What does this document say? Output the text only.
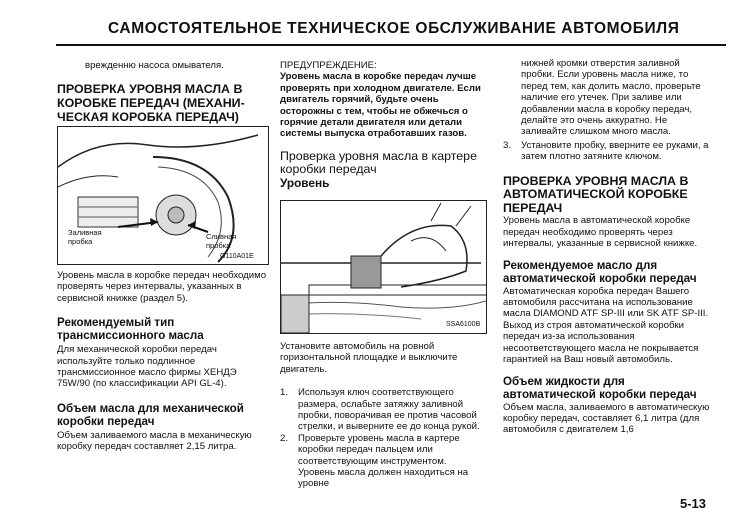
САМОСТОЯТЕЛЬНОЕ ТЕХНИЧЕСКОЕ ОБСЛУЖИВАНИЕ АВТОМОБИЛЯ

врежденню насоса омывателя.

ПРОВЕРКА УРОВНЯ МАСЛА В КОРОБКЕ ПЕРЕДАЧ (МЕХАНИ-ЧЕСКАЯ КОРОБКА ПЕРЕДАЧ)

Заливная пробка	Сливная пробка
G110A01E

Уровень масла в коробке передач необходимо проверять через интервалы, указанных в сервисной книжке (раздел 5).

Рекомендуемый тип трансмиссионного масла

Для механической коробки передач используйте только подлинное трансмиссионное масло фирмы ХЕНДЭ 75W/90 (по классификации API GL-4).

Объем масла для механической коробки передач

Объем заливаемого масла в механическую коробку передач составляет 2,15 литра.

ПРЕДУПРЕЖДЕНИЕ:

Уровень масла в коробке передач лучше проверять при холодном двигателе. Если двигатель горячий, будьте очень осторожны с тем, чтобы не обжечься о горячие детали двигателя или детали системы выпуска отработавших газов.

Проверка уровня масла в картере коробки передач

Уровень

SSA6100B

Установите автомобиль на ровной горизонтальной площадке и выключите двигатель.

1. Используя ключ соответствующего размера, ослабьте затяжку заливной пробки, поворачивая ее против часовой стрелки, и выверните ее до конца рукой.
2. Проверьте уровень масла в картере коробки передач пальцем или соответствующим инструментом. Уровень масла должен находиться на уровне

нижней кромки отверстия заливной пробки. Если уровень масла ниже, то перед тем, как долить масло, проверьте наличие его утечек. При заливе или добавлении масла в коробку передач, делайте это очень аккуратно. Не заливайте слишком много масла.

3. Установите пробку, вверните ее руками, а затем плотно затяните ключом.

ПРОВЕРКА УРОВНЯ МАСЛА В АВТОМАТИЧЕСКОЙ КОРОБКЕ ПЕРЕДАЧ

Уровень масла в автоматической коробке передач необходимо проверять через интервалы, указанные в сервисной книжке.

Рекомендуемое масло для автоматической коробки передач

Автоматическая коробка передач Вашего автомобиля рассчитана на использование масла DIAMOND ATF SP-III или SK ATF SP-III. Выход из строя автоматической коробки передач из-за использования несоответствующего масла не покрывается гарантией на Ваш новый автомобиль.

Объем жидкости для автоматической коробки передач

Объем масла, заливаемого в автоматическую коробку передач, составляет 6,1 литра (для автомобиля с двигателем 1,6

5-13
